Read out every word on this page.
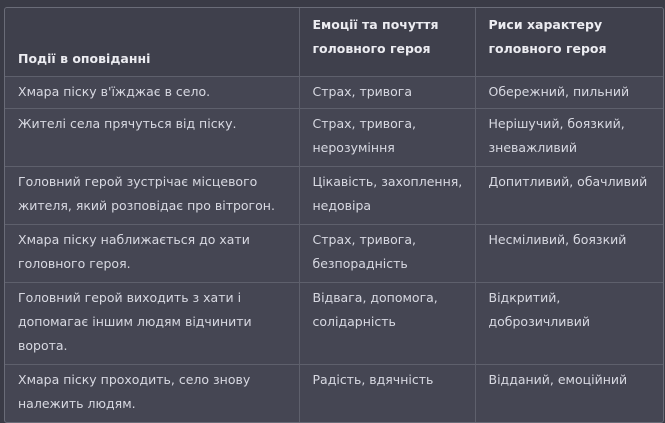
Події в оповіданні	Емоції та почуття головного героя	Риси характеру головного героя
Хмара піску в'їжджає в село.	Страх, тривога	Обережний, пильний
Жителі села прячуться від піску.	Страх, тривога, нерозуміння	Нерішучий, боязкий, зневажливий
Головний герой зустрічає місцевого жителя, який розповідає про вітрогон.	Цікавість, захоплення, недовіра	Допитливий, обачливий
Хмара піску наближається до хати головного героя.	Страх, тривога, безпорадність	Несміливий, боязкий
Головний герой виходить з хати і допомагає іншим людям відчинити ворота.	Відвага, допомога, солідарність	Відкритий, доброзичливий
Хмара піску проходить, село знову належить людям.	Радість, вдячність	Відданий, емоційний
